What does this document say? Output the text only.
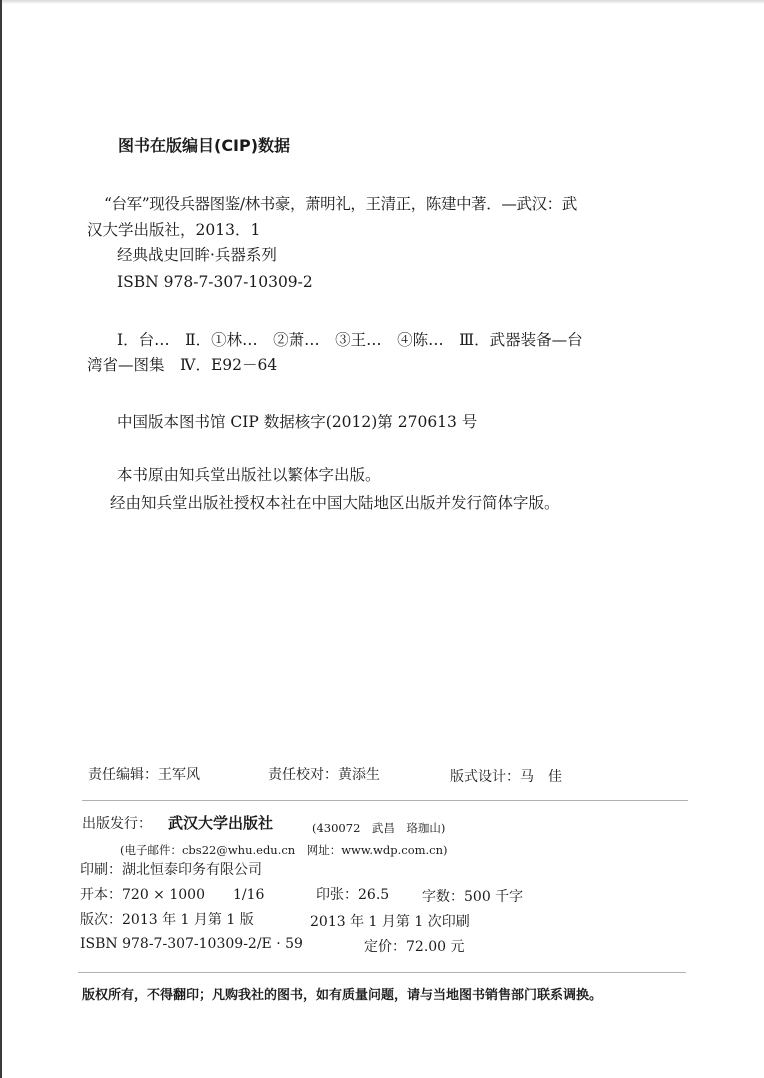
图书在版编目(CIP)数据
“台军”现役兵器图鉴/林书豪，萧明礼，王清正，陈建中著．—武汉：武
汉大学出版社，2013．1
经典战史回眸·兵器系列
ISBN 978-7-307-10309-2
Ⅰ．台…　Ⅱ．①林…　②萧…　③王…　④陈…　Ⅲ．武器装备—台
湾省—图集　Ⅳ．E92－64
中国版本图书馆 CIP 数据核字(2012)第 270613 号
本书原由知兵堂出版社以繁体字出版。
经由知兵堂出版社授权本社在中国大陆地区出版并发行简体字版。
责任编辑：王军风	责任校对：黄添生	版式设计：马　佳
出版发行： 武汉大学出版社	(430072　武昌　珞珈山)
(电子邮件：cbs22@whu.edu.cn　网址：www.wdp.com.cn)
印刷：湖北恒泰印务有限公司
开本：720 × 1000　　1/16	印张：26.5 字数：500 千字
版次：2013 年 1 月第 1 版	2013 年 1 月第 1 次印刷
ISBN 978-7-307-10309-2/E · 59	定价：72.00 元
版权所有，不得翻印；凡购我社的图书，如有质量问题，请与当地图书销售部门联系调换。
